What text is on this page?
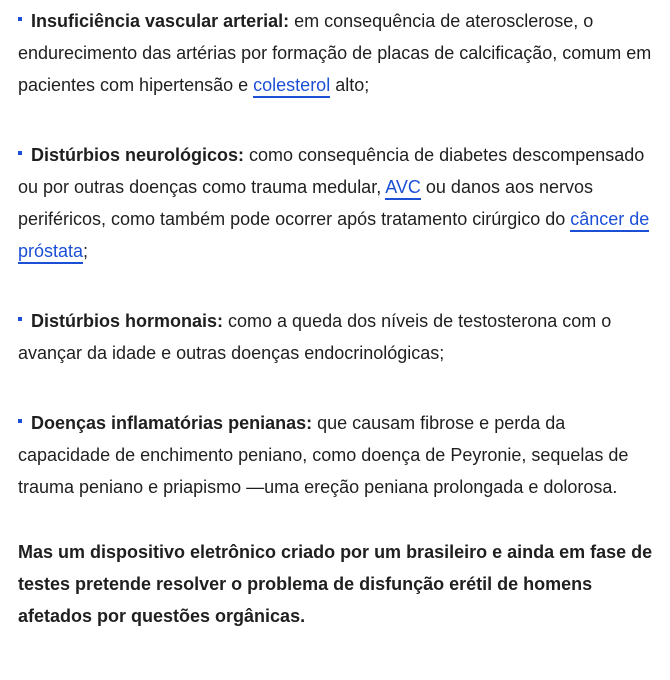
Insuficiência vascular arterial: em consequência de aterosclerose, o endurecimento das artérias por formação de placas de calcificação, comum em pacientes com hipertensão e colesterol alto;

Distúrbios neurológicos: como consequência de diabetes descompensado ou por outras doenças como trauma medular, AVC ou danos aos nervos periféricos, como também pode ocorrer após tratamento cirúrgico do câncer de próstata;

Distúrbios hormonais: como a queda dos níveis de testosterona com o avançar da idade e outras doenças endocrinológicas;

Doenças inflamatórias penianas: que causam fibrose e perda da capacidade de enchimento peniano, como doença de Peyronie, sequelas de trauma peniano e priapismo —uma ereção peniana prolongada e dolorosa.

Mas um dispositivo eletrônico criado por um brasileiro e ainda em fase de testes pretende resolver o problema de disfunção erétil de homens afetados por questões orgânicas.
